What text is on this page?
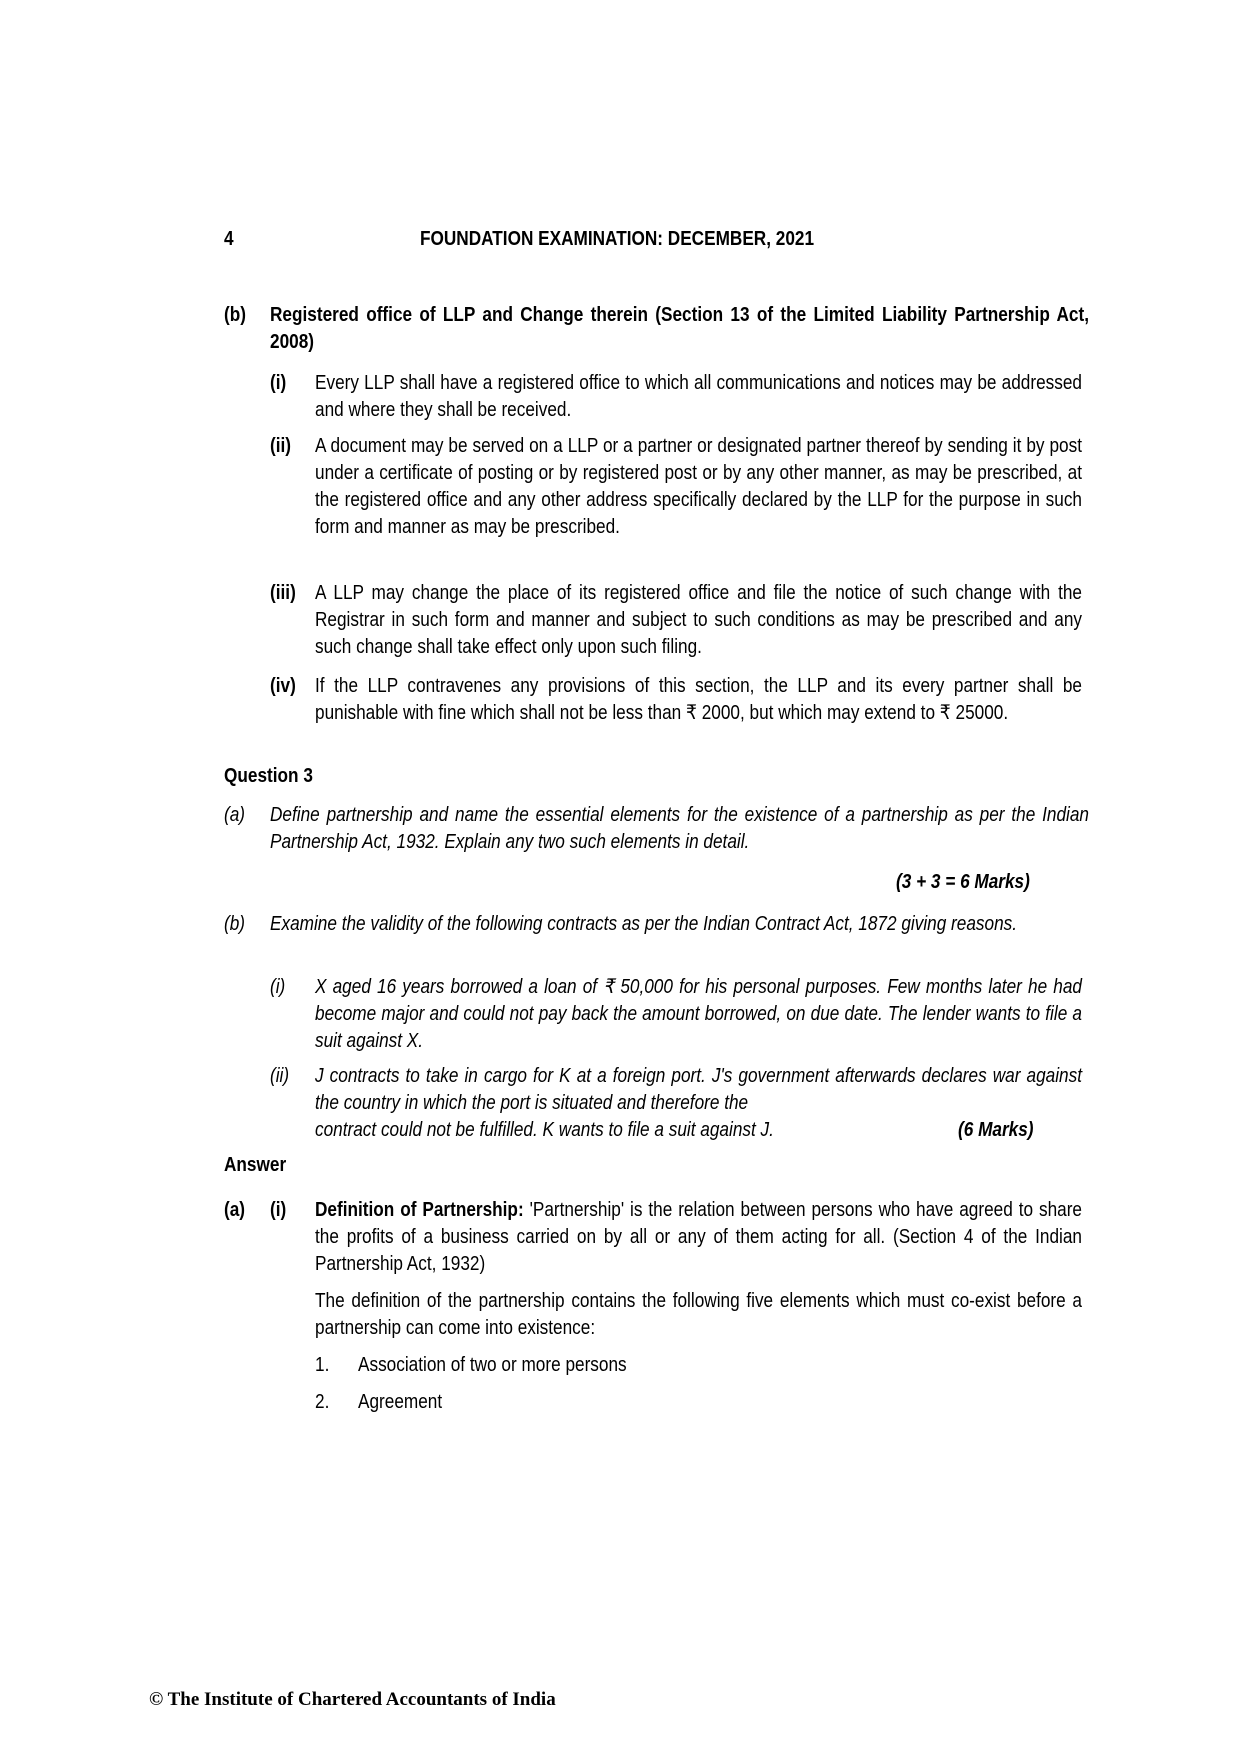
4	FOUNDATION EXAMINATION: DECEMBER, 2021
(b) Registered office of LLP and Change therein (Section 13 of the Limited Liability Partnership Act, 2008)
(i) Every LLP shall have a registered office to which all communications and notices may be addressed and where they shall be received.
(ii) A document may be served on a LLP or a partner or designated partner thereof by sending it by post under a certificate of posting or by registered post or by any other manner, as may be prescribed, at the registered office and any other address specifically declared by the LLP for the purpose in such form and manner as may be prescribed.
(iii) A LLP may change the place of its registered office and file the notice of such change with the Registrar in such form and manner and subject to such conditions as may be prescribed and any such change shall take effect only upon such filing.
(iv) If the LLP contravenes any provisions of this section, the LLP and its every partner shall be punishable with fine which shall not be less than ₹ 2000, but which may extend to ₹ 25000.
Question 3
(a) Define partnership and name the essential elements for the existence of a partnership as per the Indian Partnership Act, 1932. Explain any two such elements in detail.
(3 + 3 = 6 Marks)
(b) Examine the validity of the following contracts as per the Indian Contract Act, 1872 giving reasons.
(i) X aged 16 years borrowed a loan of ₹ 50,000 for his personal purposes. Few months later he had become major and could not pay back the amount borrowed, on due date. The lender wants to file a suit against X.
(ii) J contracts to take in cargo for K at a foreign port. J's government afterwards declares war against the country in which the port is situated and therefore the
contract could not be fulfilled. K wants to file a suit against J.	(6 Marks)
Answer
(a) (i) Definition of Partnership: 'Partnership' is the relation between persons who have agreed to share the profits of a business carried on by all or any of them acting for all. (Section 4 of the Indian Partnership Act, 1932)
The definition of the partnership contains the following five elements which must co-exist before a partnership can come into existence:
1. Association of two or more persons
2. Agreement
© The Institute of Chartered Accountants of India
